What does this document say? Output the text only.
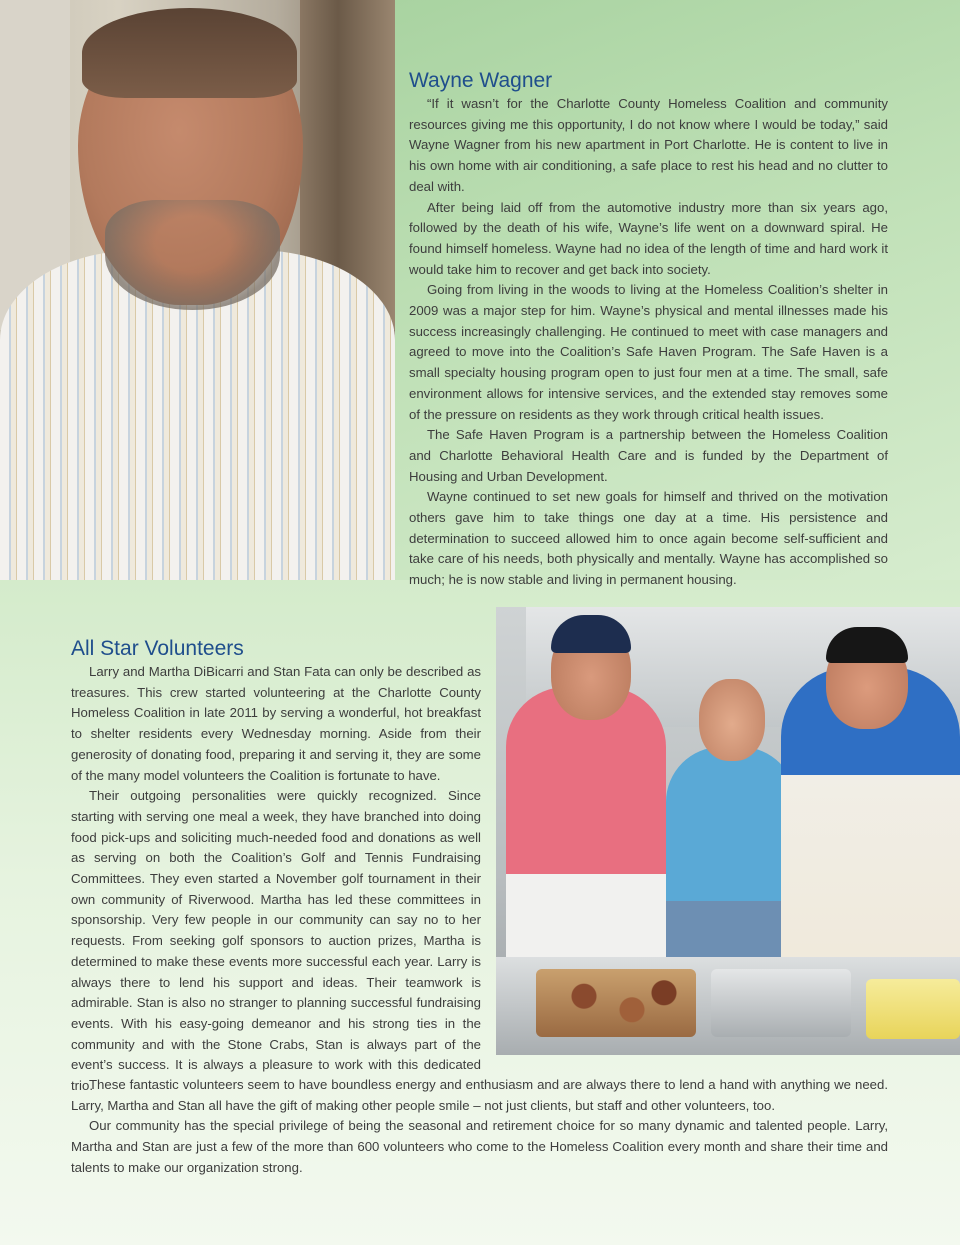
Wayne Wagner

“If it wasn’t for the Charlotte County Homeless Coalition and community resources giving me this opportunity, I do not know where I would be today,” said Wayne Wagner from his new apartment in Port Charlotte. He is content to live in his own home with air conditioning, a safe place to rest his head and no clutter to deal with.

After being laid off from the automotive industry more than six years ago, followed by the death of his wife, Wayne’s life went on a downward spiral. He found himself homeless. Wayne had no idea of the length of time and hard work it would take him to recover and get back into society.

Going from living in the woods to living at the Homeless Coalition’s shelter in 2009 was a major step for him. Wayne’s physical and mental illnesses made his success increasingly challenging. He continued to meet with case managers and agreed to move into the Coalition’s Safe Haven Program. The Safe Haven is a small specialty housing program open to just four men at a time. The small, safe environment allows for intensive services, and the extended stay removes some of the pressure on residents as they work through critical health issues.

The Safe Haven Program is a partnership between the Homeless Coalition and Charlotte Behavioral Health Care and is funded by the Department of Housing and Urban Development.

Wayne continued to set new goals for himself and thrived on the motivation others gave him to take things one day at a time. His persistence and determination to succeed allowed him to once again become self-sufficient and take care of his needs, both physically and mentally. Wayne has accomplished so much; he is now stable and living in permanent housing.

All Star Volunteers

Larry and Martha DiBicarri and Stan Fata can only be described as treasures. This crew started volunteering at the Charlotte County Homeless Coalition in late 2011 by serving a wonderful, hot breakfast to shelter residents every Wednesday morning. Aside from their generosity of donating food, preparing it and serving it, they are some of the many model volunteers the Coalition is fortunate to have.

Their outgoing personalities were quickly recognized. Since starting with serving one meal a week, they have branched into doing food pick-ups and soliciting much-needed food and donations as well as serving on both the Coalition’s Golf and Tennis Fundraising Committees. They even started a November golf tournament in their own community of Riverwood. Martha has led these committees in sponsorship. Very few people in our community can say no to her requests. From seeking golf sponsors to auction prizes, Martha is determined to make these events more successful each year. Larry is always there to lend his support and ideas. Their teamwork is admirable. Stan is also no stranger to planning successful fundraising events. With his easy-going demeanor and his strong ties in the community and with the Stone Crabs, Stan is always part of the event’s success. It is always a pleasure to work with this dedicated trio.

These fantastic volunteers seem to have boundless energy and enthusiasm and are always there to lend a hand with anything we need. Larry, Martha and Stan all have the gift of making other people smile – not just clients, but staff and other volunteers, too.

Our community has the special privilege of being the seasonal and retirement choice for so many dynamic and talented people. Larry, Martha and Stan are just a few of the more than 600 volunteers who come to the Homeless Coalition every month and share their time and talents to make our organization strong.
